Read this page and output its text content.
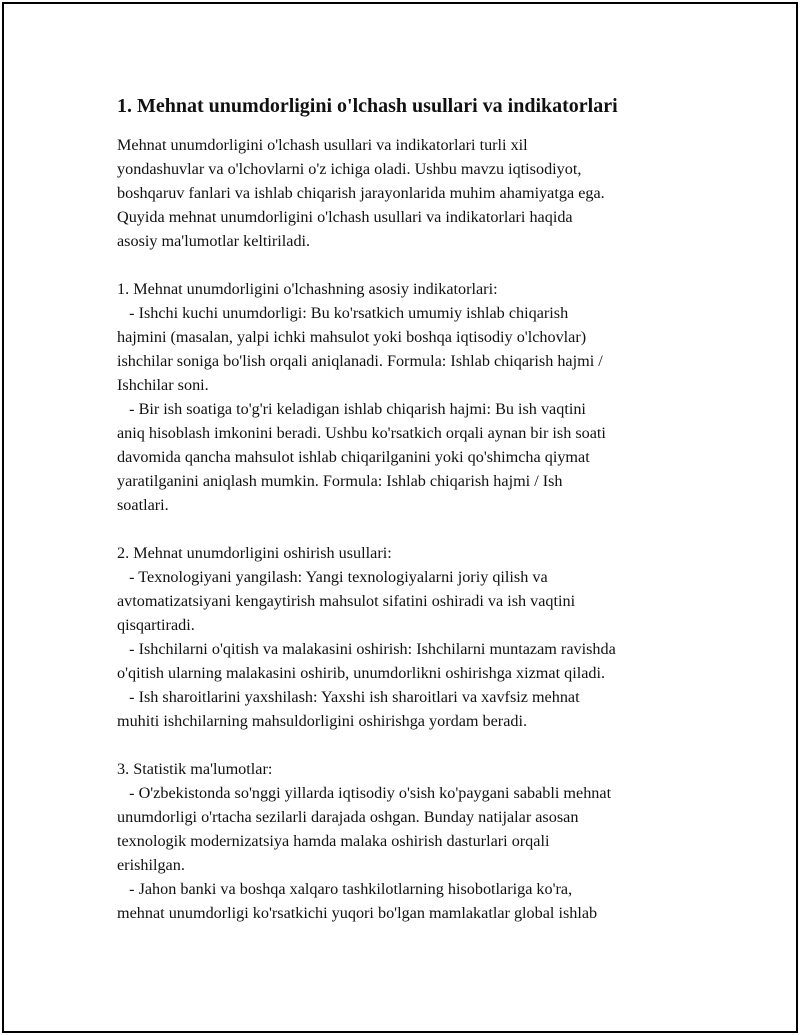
1. Mehnat unumdorligini o'lchash usullari va indikatorlari
Mehnat unumdorligini o'lchash usullari va indikatorlari turli xil
yondashuvlar va o'lchovlarni o'z ichiga oladi. Ushbu mavzu iqtisodiyot,
boshqaruv fanlari va ishlab chiqarish jarayonlarida muhim ahamiyatga ega.
Quyida mehnat unumdorligini o'lchash usullari va indikatorlari haqida
asosiy ma'lumotlar keltiriladi.
1. Mehnat unumdorligini o'lchashning asosiy indikatorlari:
- Ishchi kuchi unumdorligi: Bu ko'rsatkich umumiy ishlab chiqarish
hajmini (masalan, yalpi ichki mahsulot yoki boshqa iqtisodiy o'lchovlar)
ishchilar soniga bo'lish orqali aniqlanadi. Formula: Ishlab chiqarish hajmi /
Ishchilar soni.
- Bir ish soatiga to'g'ri keladigan ishlab chiqarish hajmi: Bu ish vaqtini
aniq hisoblash imkonini beradi. Ushbu ko'rsatkich orqali aynan bir ish soati
davomida qancha mahsulot ishlab chiqarilganini yoki qo'shimcha qiymat
yaratilganini aniqlash mumkin. Formula: Ishlab chiqarish hajmi / Ish
soatlari.
2. Mehnat unumdorligini oshirish usullari:
- Texnologiyani yangilash: Yangi texnologiyalarni joriy qilish va
avtomatizatsiyani kengaytirish mahsulot sifatini oshiradi va ish vaqtini
qisqartiradi.
- Ishchilarni o'qitish va malakasini oshirish: Ishchilarni muntazam ravishda
o'qitish ularning malakasini oshirib, unumdorlikni oshirishga xizmat qiladi.
- Ish sharoitlarini yaxshilash: Yaxshi ish sharoitlari va xavfsiz mehnat
muhiti ishchilarning mahsuldorligini oshirishga yordam beradi.
3. Statistik ma'lumotlar:
- O'zbekistonda so'nggi yillarda iqtisodiy o'sish ko'paygani sababli mehnat
unumdorligi o'rtacha sezilarli darajada oshgan. Bunday natijalar asosan
texnologik modernizatsiya hamda malaka oshirish dasturlari orqali
erishilgan.
- Jahon banki va boshqa xalqaro tashkilotlarning hisobotlariga ko'ra,
mehnat unumdorligi ko'rsatkichi yuqori bo'lgan mamlakatlar global ishlab
